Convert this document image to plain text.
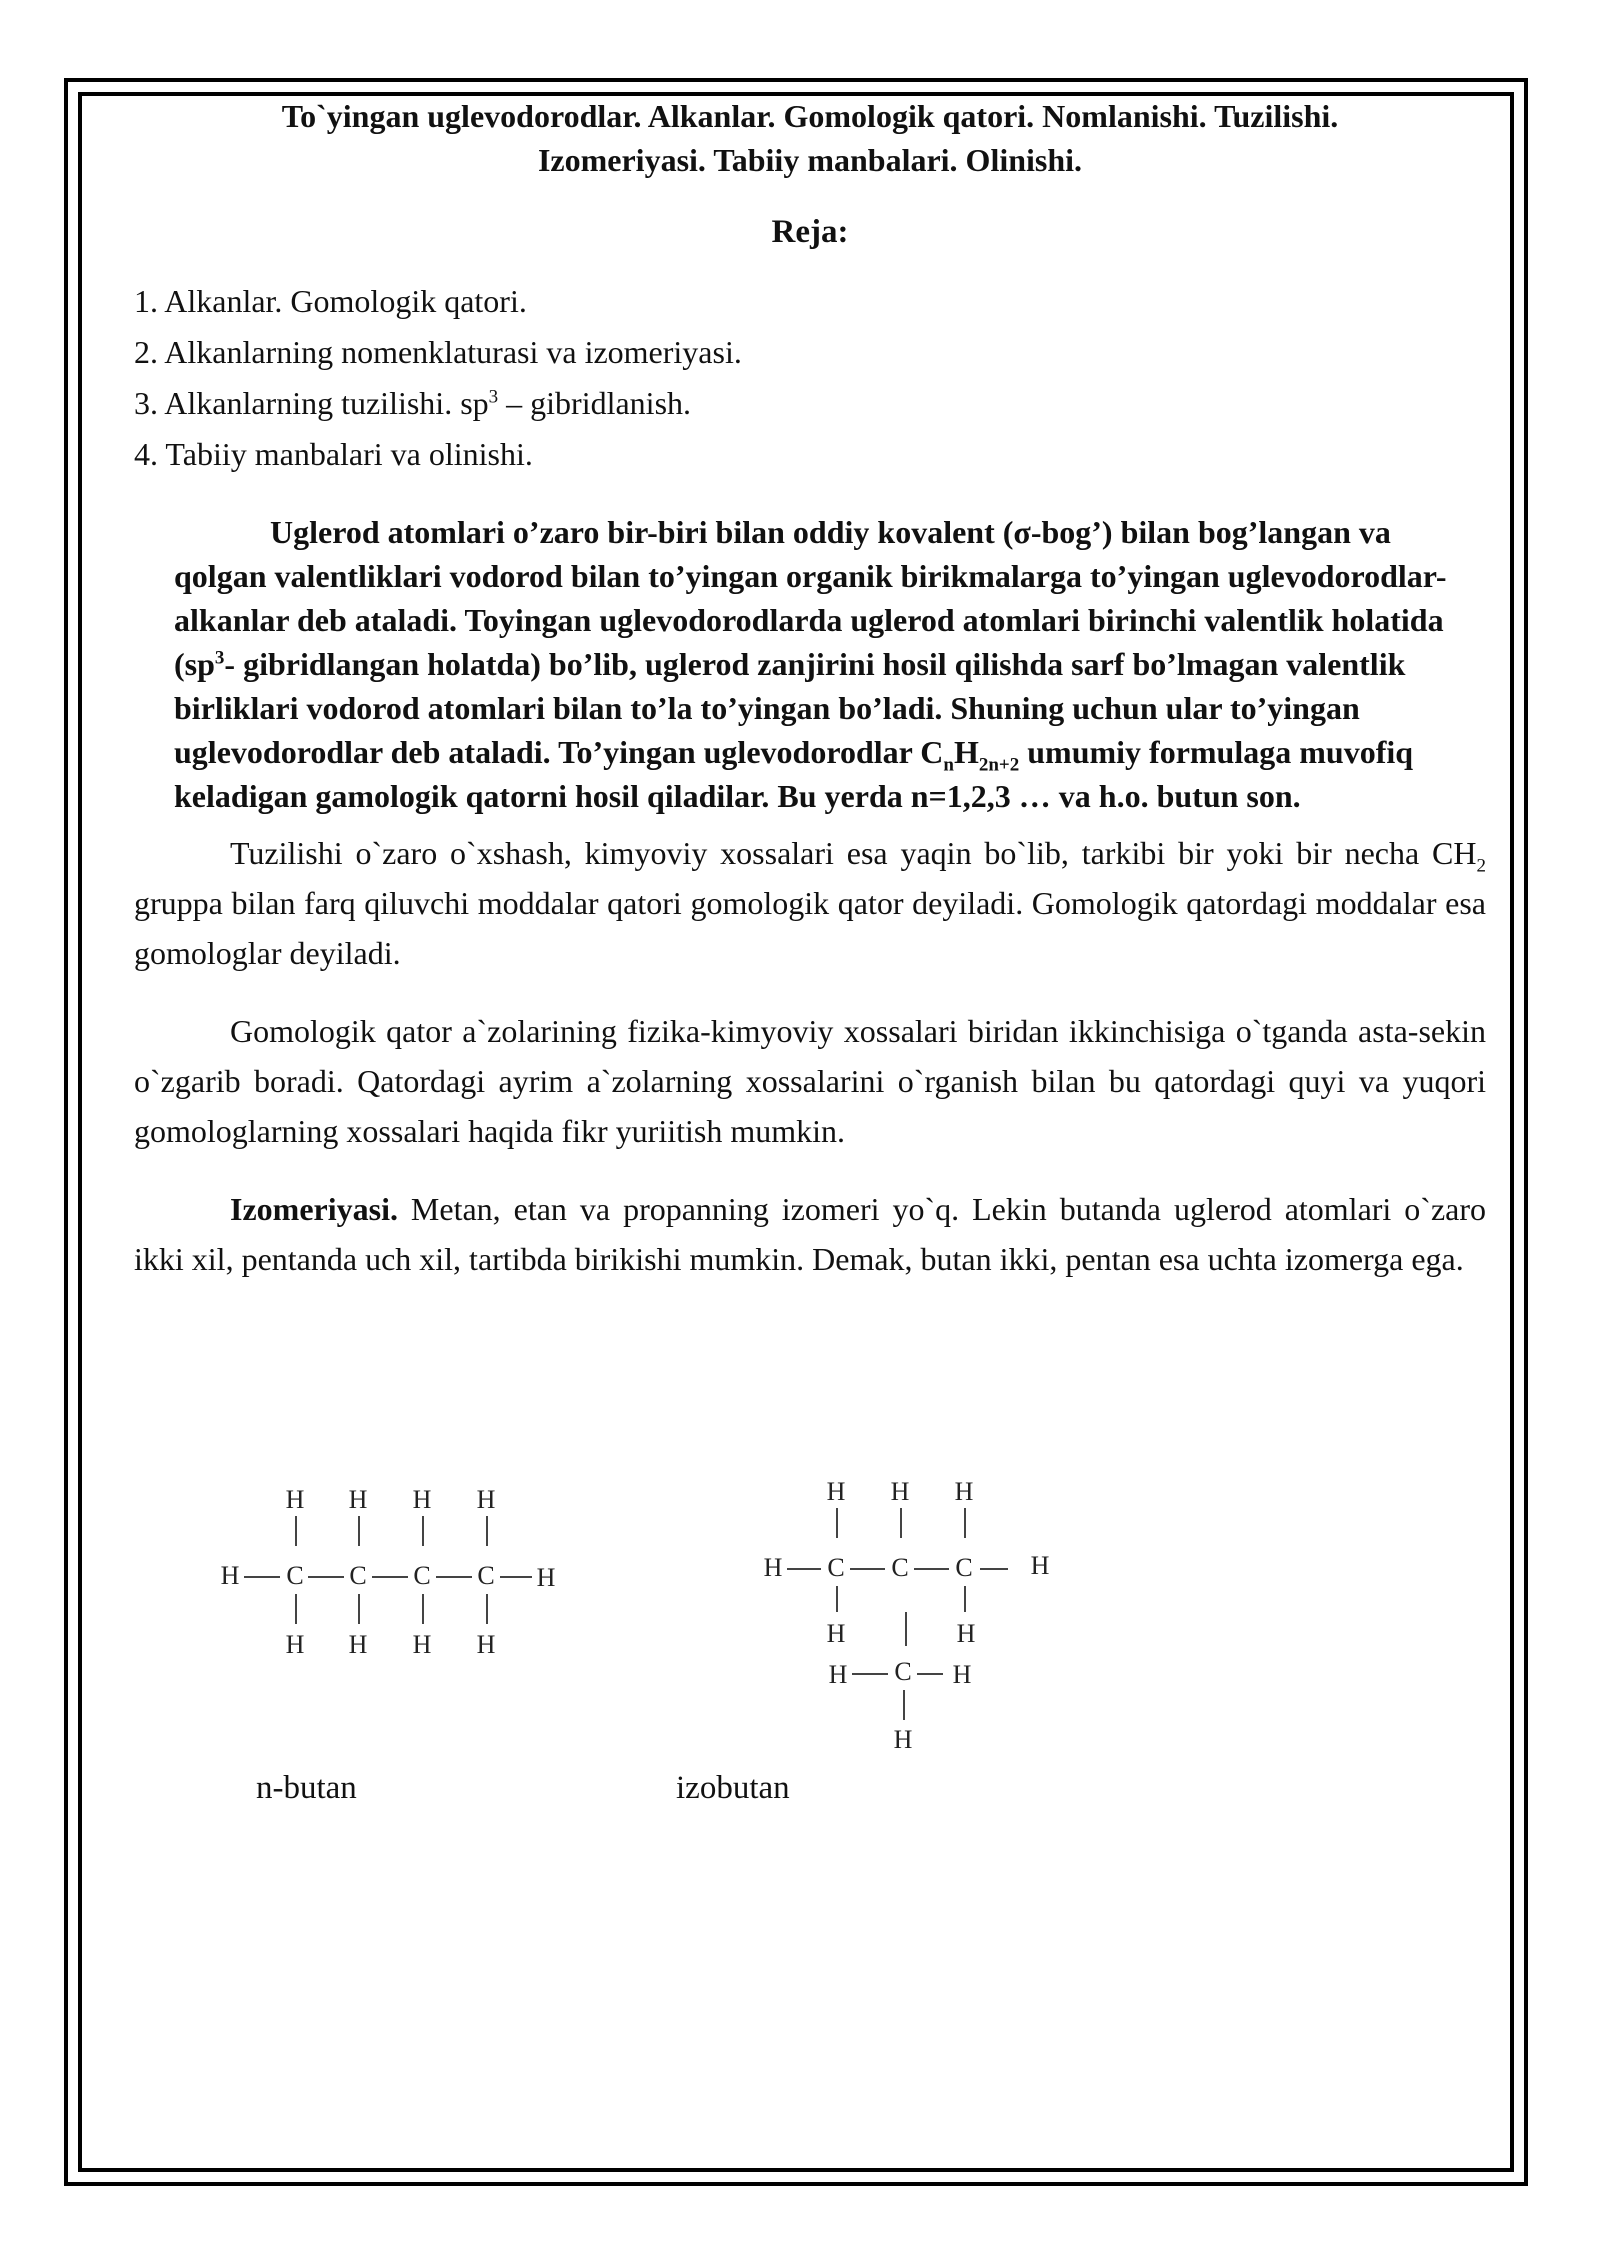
To`yingan uglevodorodlar. Alkanlar. Gomologik qatori. Nomlanishi. Tuzilishi.
Izomeriyasi. Tabiiy manbalari. Olinishi.
Reja:
1. Alkanlar. Gomologik qatori.
2. Alkanlarning nomenklaturasi va izomeriyasi.
3. Alkanlarning tuzilishi. $sp^3$ – gibridlanish.
4. Tabiiy manbalari va olinishi.
Uglerod atomlari o’zaro bir-biri bilan oddiy kovalent (σ-bog’) bilan bog’langan va qolgan valentliklari vodorod bilan to’yingan organik birikmalarga to’yingan uglevodorodlar- alkanlar deb ataladi. Toyingan uglevodorodlarda uglerod atomlari birinchi valentlik holatida ($sp^3-$ gibridlangan holatda) bo’lib, uglerod zanjirini hosil qilishda sarf bo’lmagan valentlik birliklari vodorod atomlari bilan to’la to’yingan bo’ladi. Shuning uchun ular to’yingan uglevodorodlar deb ataladi. To’yingan uglevodorodlar $C_nH_{2n+2}$ umumiy formulaga muvofiq keladigan gamologik qatorni hosil qiladilar. Bu yerda n=1,2,3 … va h.o. butun son.

Tuzilishi o`zaro o`xshash, kimyoviy xossalari esa yaqin bo`lib, tarkibi bir yoki bir necha $CH_2$ gruppa bilan farq qiluvchi moddalar qatori gomologik qator deyiladi. Gomologik qatordagi moddalar esa gomologlar deyiladi.

Gomologik qator a`zolarining fizika-kimyoviy xossalari biridan ikkinchisiga o`tganda asta-sekin o`zgarib boradi. Qatordagi ayrim a`zolarning xossalarini o`rganish bilan bu qatordagi quyi va yuqori gomologlarning xossalari haqida fikr yuriitish mumkin.

Izomeriyasi. Metan, etan va propanning izomeri yo`q. Lekin butanda uglerod atomlari o`zaro ikki xil, pentanda uch xil, tartibda birikishi mumkin. Demak, butan ikki, pentan esa uchta izomerga ega.

H H H H
H C C C C H
H H H H
H H H
H C C C H
H	H
H C H
H
n-butan	izobutan
